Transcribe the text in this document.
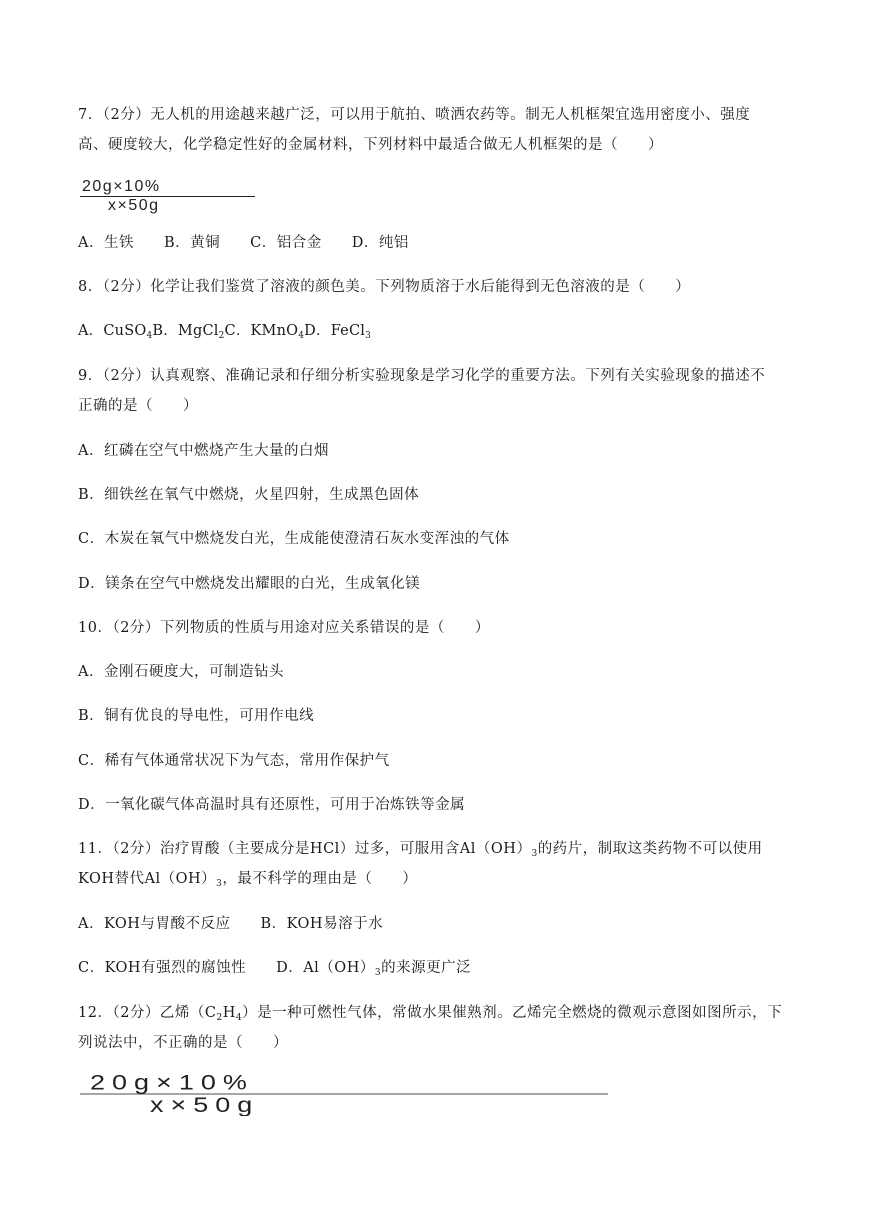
7．（2分）无人机的用途越来越广泛，可以用于航拍、喷洒农药等。制无人机框架宜选用密度小、强度
高、硬度较大，化学稳定性好的金属材料，下列材料中最适合做无人机框架的是（　　）
20g×10%
x×50g
A．生铁　　B．黄铜　　C．铝合金　　D．纯铝
8．（2分）化学让我们鉴赏了溶液的颜色美。下列物质溶于水后能得到无色溶液的是（　　）
A．CuSO$_4$B．MgCl$_2$C．KMnO$_4$D．FeCl$_3$
9．（2分）认真观察、准确记录和仔细分析实验现象是学习化学的重要方法。下列有关实验现象的描述不
正确的是（　　）
A．红磷在空气中燃烧产生大量的白烟
B．细铁丝在氧气中燃烧，火星四射，生成黑色固体
C．木炭在氧气中燃烧发白光，生成能使澄清石灰水变浑浊的气体
D．镁条在空气中燃烧发出耀眼的白光，生成氧化镁
10．（2分）下列物质的性质与用途对应关系错误的是（　　）
A．金刚石硬度大，可制造钻头
B．铜有优良的导电性，可用作电线
C．稀有气体通常状况下为气态，常用作保护气
D．一氧化碳气体高温时具有还原性，可用于冶炼铁等金属
11．（2分）治疗胃酸（主要成分是HCl）过多，可服用含$Al(OH)_3$的药片，制取这类药物不可以使用
KOH替代$Al(OH)_3$，最不科学的理由是（　　）
A．KOH与胃酸不反应　　B．KOH易溶于水
C．KOH有强烈的腐蚀性　　D．$Al(OH)_3$的来源更广泛
12．（2分）乙烯$(C_2H_4)$是一种可燃性气体，常做水果催熟剂。乙烯完全燃烧的微观示意图如图所示，下
列说法中，不正确的是（　　）
20g×10%
x×50g
